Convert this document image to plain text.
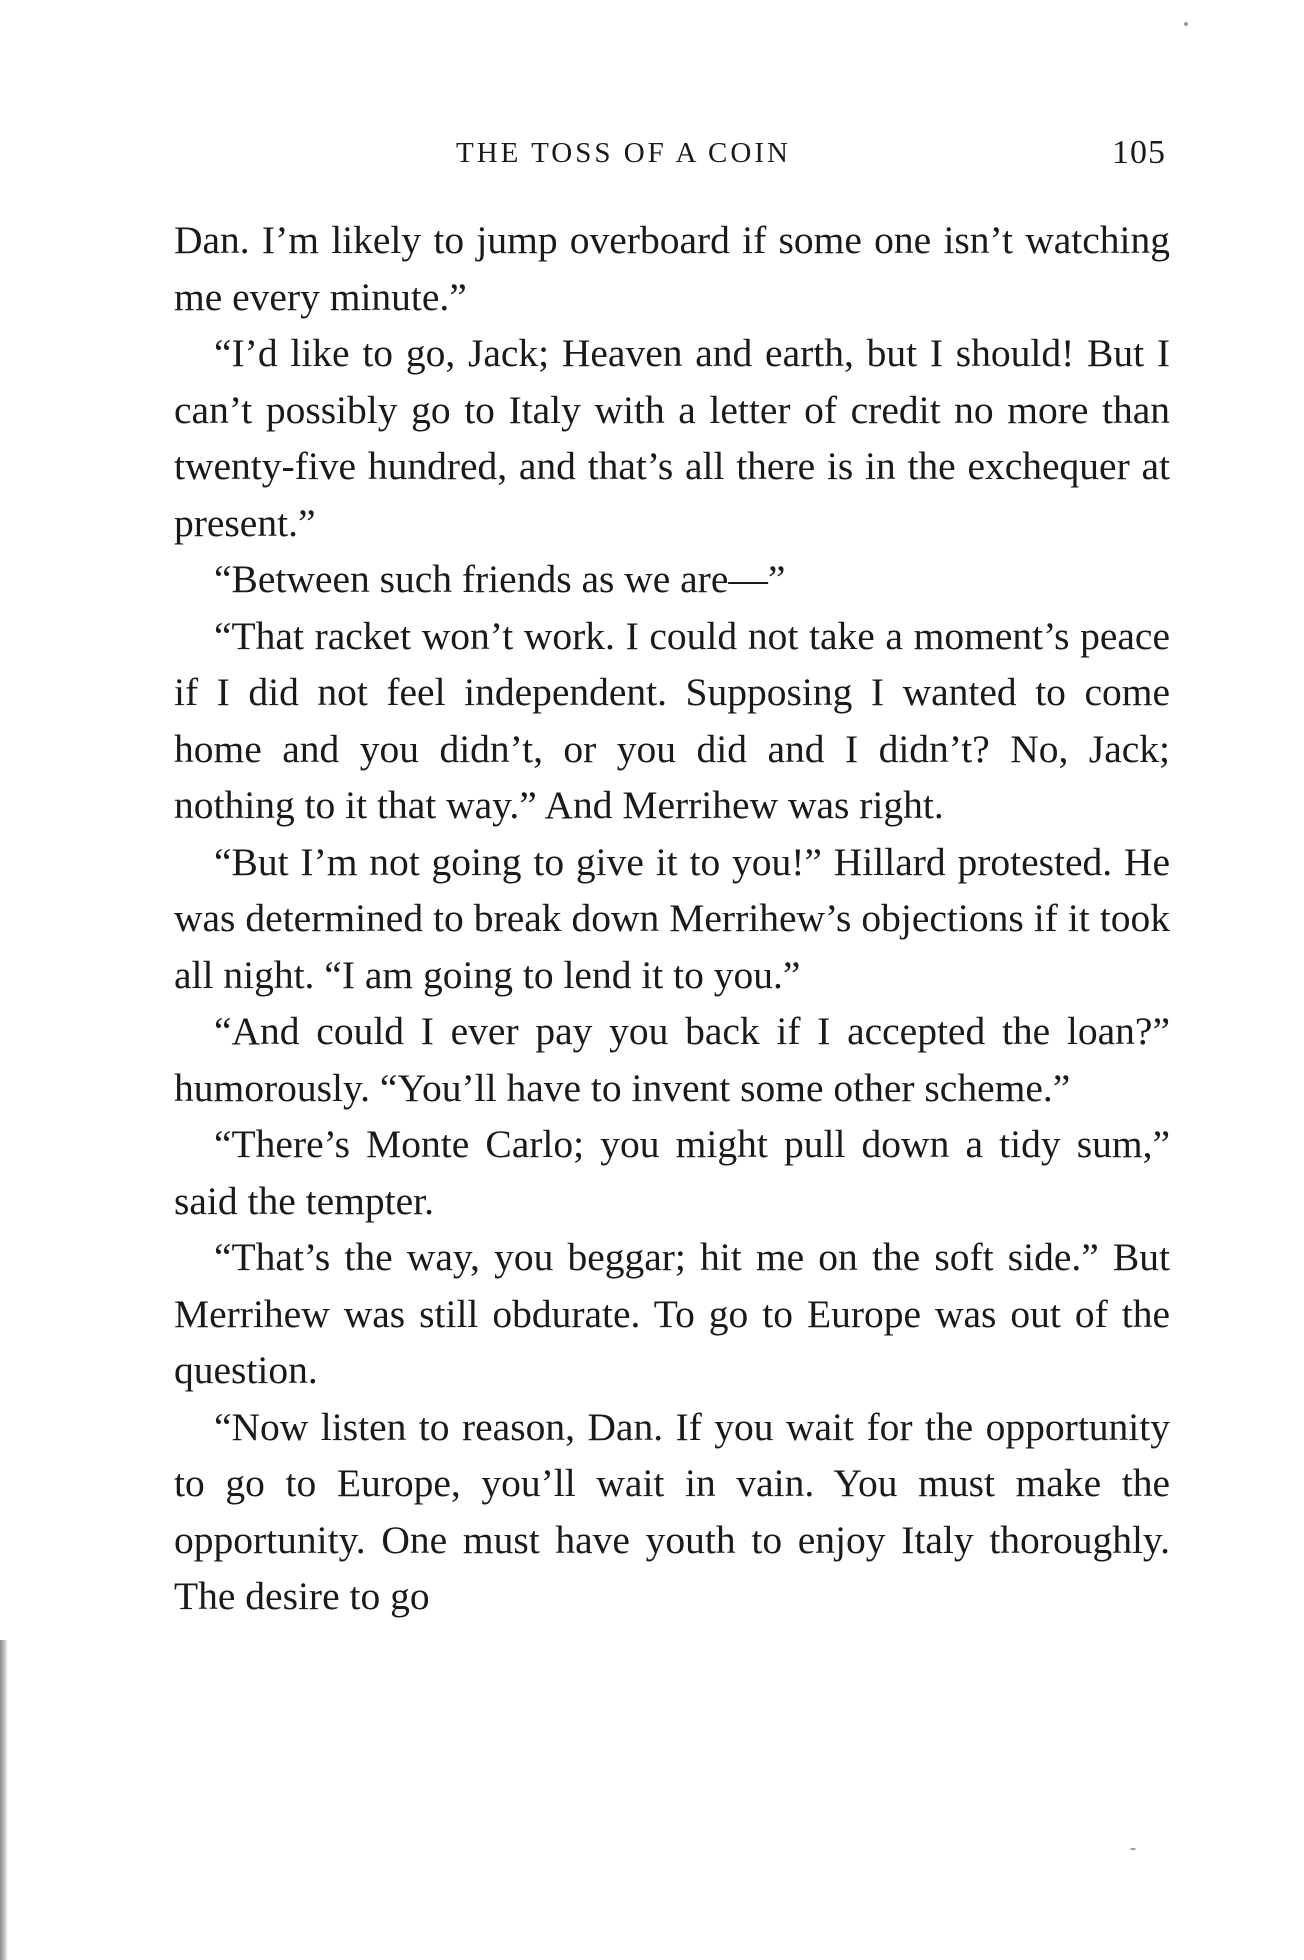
THE TOSS OF A COIN	105

Dan. I’m likely to jump overboard if some one isn’t watching me every minute.”

“I’d like to go, Jack; Heaven and earth, but I should! But I can’t possibly go to Italy with a letter of credit no more than twenty-five hundred, and that’s all there is in the exchequer at present.”

“Between such friends as we are—”

“That racket won’t work. I could not take a moment’s peace if I did not feel independent. Supposing I wanted to come home and you didn’t, or you did and I didn’t? No, Jack; nothing to it that way.” And Merrihew was right.

“But I’m not going to give it to you!” Hillard protested. He was determined to break down Merrihew’s objections if it took all night. “I am going to lend it to you.”

“And could I ever pay you back if I accepted the loan?” humorously. “You’ll have to invent some other scheme.”

“There’s Monte Carlo; you might pull down a tidy sum,” said the tempter.

“That’s the way, you beggar; hit me on the soft side.” But Merrihew was still obdurate. To go to Europe was out of the question.

“Now listen to reason, Dan. If you wait for the opportunity to go to Europe, you’ll wait in vain. You must make the opportunity. One must have youth to enjoy Italy thoroughly. The desire to go
